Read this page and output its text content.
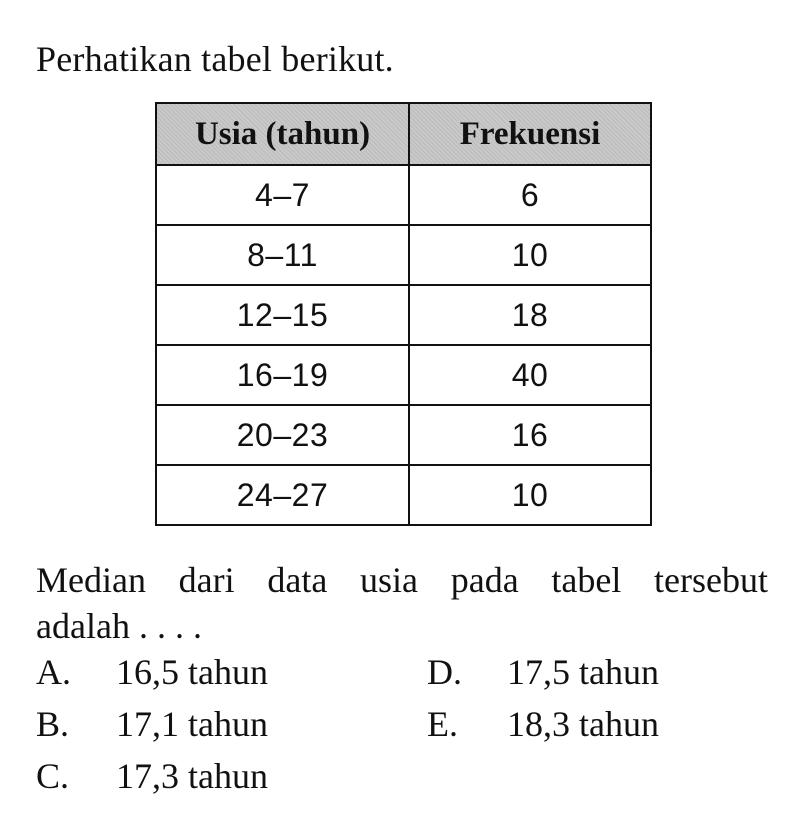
Perhatikan tabel berikut.
Usia (tahun)	Frekuensi
4–7	6
8–11	10
12–15	18
16–19	40
20–23	16
24–27	10
Median dari data usia pada tabel tersebut
adalah . . . .
A. 16,5 tahun
B. 17,1 tahun
C. 17,3 tahun
D. 17,5 tahun
E. 18,3 tahun
